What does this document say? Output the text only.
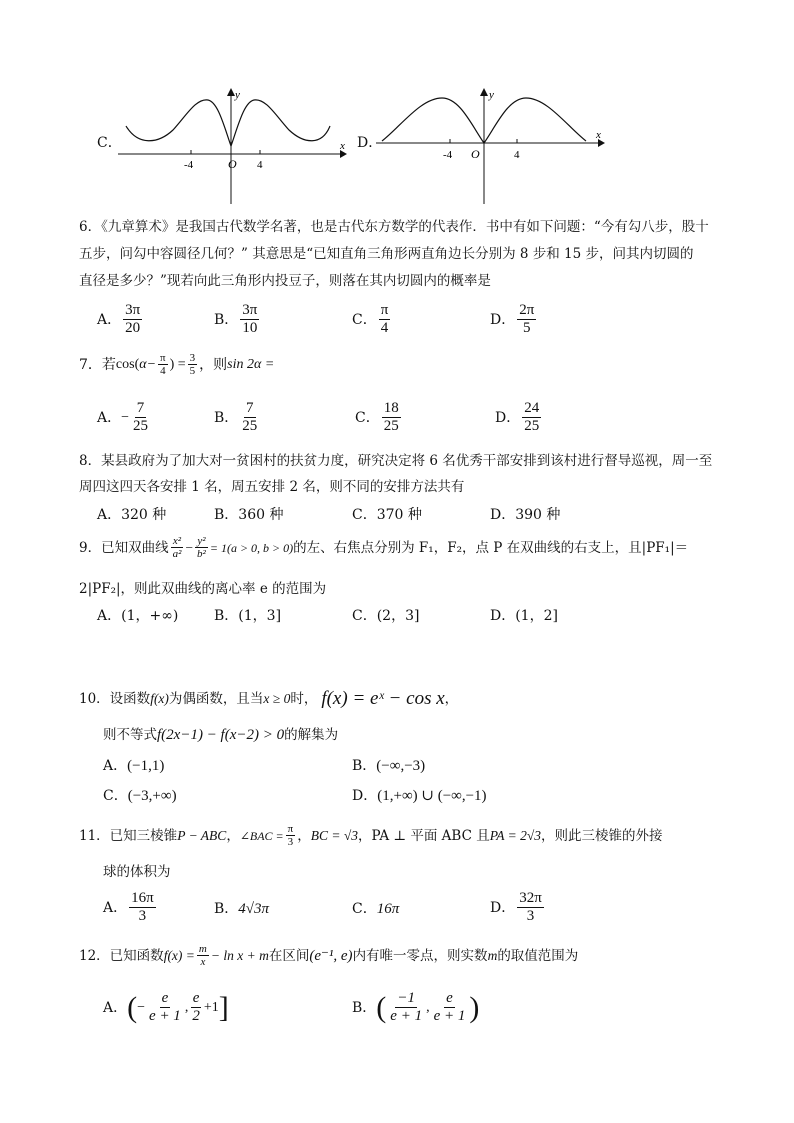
C．
-4	4
O
x
y
D．
-4	4
O
x
y
6．《九章算术》是我国古代数学名著，也是古代东方数学的代表作．书中有如下问题：“今有勾八步，股十
五步，问勾中容圆径几何？” 其意思是“已知直角三角形两直角边长分别为 8 步和 15 步，问其内切圆的
直径是多少？”现若向此三角形内投豆子，则落在其内切圆内的概率是
A． $\frac{3\pi}{20}$	B． $\frac{3\pi}{10}$	C． $\frac{\pi}{4}$	D． $\frac{2\pi}{5}$
7．若 cos( $\alpha- \frac{\pi}{4}$ ) = $\frac{3}{5}$ ，则 sin 2α =
A． − $\frac{7}{25}$	B． $\frac{7}{25}$	C． $\frac{18}{25}$	D． $\frac{24}{25}$
8．某县政府为了加大对一贫困村的扶贫力度，研究决定将 6 名优秀干部安排到该村进行督导巡视，周一至
周四这四天各安排 1 名，周五安排 2 名，则不同的安排方法共有
A．320 种	B．360 种	C．370 种	D．390 种
9．已知双曲线 $\frac{\text{x²}}{\text{a²}} - \frac{\text{y²}}{\text{b²}} = 1(a > 0$, b > 0) 的左、右焦点分别为 F₁，F₂，点 P 在双曲线的右支上，且|PF₁|＝
2|PF₂|，则此双曲线的离心率 e 的范围为
A．(1，+∞)	B．(1，3]	C．(2，3]	D．(1，2]
10．设函数 f(x) 为偶函数，且当 x ≥ 0 时， f(x) = eˣ − cos x ，
则不等式 f(2x−1) − f(x−2) > 0 的解集为
A．(−1,1)	B．(−∞,−3)
C．(−3,+∞)	D．(1,+∞) ∪ (−∞,−1)
11．已知三棱锥 P − ABC ， ∠BAC = $\frac{\pi}{3}$ ， BC = √3 ， PA ⊥ 平面 ABC 且 PA = 2√3 ，则此三棱锥的外接
球的体积为
A． $\frac{16\pi}{3}$	B．4√3π	C．16π	D． $\frac{32\pi}{3}$
12．已知函数 $f(x) = \frac{m}{x} - \ln x + m$ 在区间 (e⁻¹, e) 内有唯一零点，则实数 m 的取值范围为
A． ( − $\frac{e}{e + 1}$ , $\frac{e}{2} +1$ ]	B． ( $\frac{-1}{e + 1}$ , $\frac{e}{e + 1}$ )
